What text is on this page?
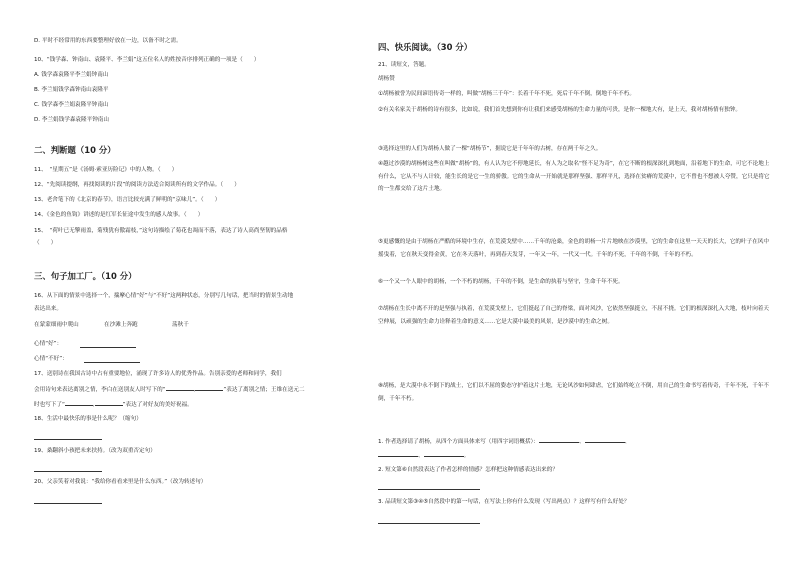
D. 平时不经常用的东西要整理好放在一边，以备不时之需。
10、“钱学森、钟南山、袁隆平、李兰娟”这五位名人的姓按音序排列正确的一项是（　　）
A. 钱学森袁隆平李兰娟钟南山
B. 李兰娟钱学森钟南山袁隆平
C. 钱学森李兰娟袁隆平钟南山
D. 李兰娟钱学森袁隆平钟南山
二、判断题（10 分）
11、　“星期五”是《汤姆·索亚历险记》中的人物。（　　）
12、“先阅读提纲，再找阅读的片段”的阅读方法适合阅读所有的文学作品。（　　）
13、老舍笔下的《北京的春节》，语言比较充满了鲜明的“京味儿”。（　　）
14、《金色的鱼钩》讲述的是红军长征途中发生的感人故事。（　　）
15、　“荷叶已无擎雨盖，菊残犹有傲霜枝，”这句诗描绘了菊花也凋而不落，表达了诗人高尚坚韧的品格
（　　）
三、句子加工厂。（10 分）
16、从下面的情景中选择一个，揣摩心情“好”与“不好”这两种状态，分别写几句话，把当时的情景生动地
表达出来。
在蒙蒙细雨中爬山	在沙滩上奔跑	荡秋千
心情“好”：
心情“不好”：
17、送别诗在我国古诗中占有重要地位，涌现了许多诗人的优秀作品。告别亲爱的老师和同学，我们
会用诗句来表达离别之情，李白在送别友人时写下的“	,	”表达了离别之情；王维在送元二
时也写下了“	,	”表达了对好友的美好祝福。
18、生活中最快乐的事是什么呢？（缩句）
19、桑翻斜小孩把未来扶持。（改为双重否定句）
20、父亲笑着对我说：“我给你看看来里是什么东西。”（改为转述句）
四、快乐阅读。（30 分）
21、读短文，答题。
胡杨赞
①胡杨被誉为民间谚语传奇一样的，叫做“胡杨三千年”：长着千年不死，死后千年不倒，倒地千年不朽。
②有关名家关于胡杨的诗有很多，比如说，我们首先想到你有让我们来感受胡杨的生命力量的可贵，是你一棵地大有，是上天，我对胡杨情有独钟。
③选择这里的人们为胡杨人做了一棵“胡杨节”，据说它是千年年的古树，存在两千年之久。
④越过沙漠的胡杨树这些在叫做“胡杨”的，有人认为它不停地延长，有人为之取名“怪不足为奇”，在它不断的根深深扎到地面，沿着地下的生命，可它不论地上有什么，它从不与人计较，能生长的是它一生的骄傲。它的生命从一开始就是那样坚强、那样平凡，选择在贫瘠的荒漠中，它不曾也不想被人夸赞，它只是将它的一生都交给了这片土地。
⑤更感慨的是由于胡杨在严酷的环境中生存，在荒漠戈壁中……千年的沧桑，金色的胡杨一片片地映在沙漠里，它的生命在这里一天天的长大，它的叶子在风中摇曳着，它在秋天变得金黄，它在冬天落叶，再到春天发芽，一年又一年，一代又一代。千年的不死，千年的不倒，千年的不朽。
⑥一个又一个人眼中的胡杨，一个不朽的胡杨，千年的不倒，是生命的执着与坚守，生命千年不死。
⑦胡杨在生长中离不开的是坚强与执着，在荒漠戈壁上，它们挺起了自己的脊梁，面对风沙，它依然坚强挺立，不屈不挠。它们的根深深扎入大地，枝叶向着天空伸展，以顽强的生命力诠释着生命的意义……它是大漠中最美的风景，是沙漠中的生命之树。
⑧胡杨，是大漠中永不倒下的战士，它们以不屈的姿态守护着这片土地，无论风沙如何肆虐，它们始终屹立不倒，用自己的生命书写着传奇，千年不死，千年不倒，千年不朽。
1. 作者选择请了胡杨，从四个方面具体来写（用四字词语概括）：	、	、
、	。
2. 短文第⑥自然段表达了作者怎样的情感？怎样把这种情感表达出来的？
3. 品读短文第③④⑤自然段中的第一句话，在写法上你有什么发现（写出两点）？这样写有什么好处？
